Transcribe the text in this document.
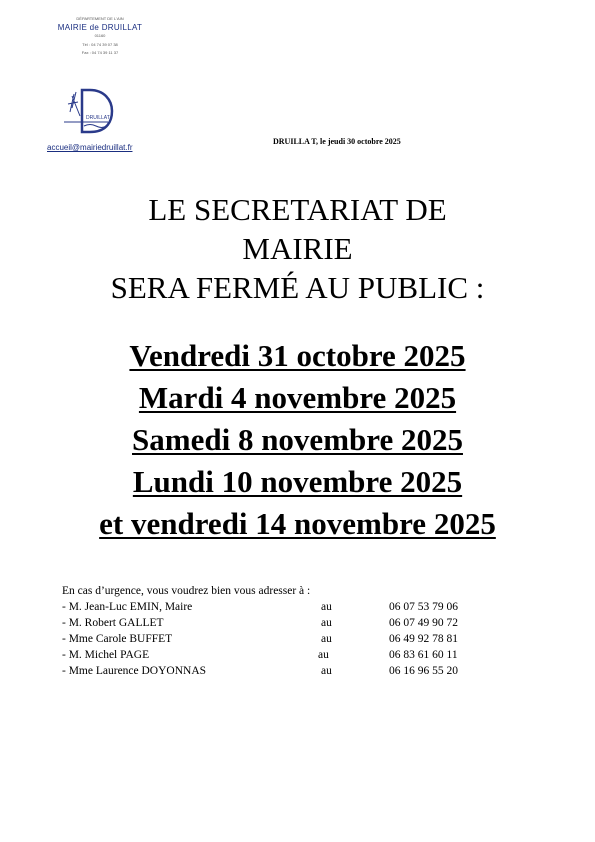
DÉPARTEMENT DE L'AIN
MAIRIE de DRUILLAT
01160
Tél : 04 74 39 07 38
Fax : 04 74 39 11 37
DRUILLAT
accueil@mairiedruillat.fr
DRUILLA T, le jeudi 30 octobre 2025
LE SECRETARIAT DE
MAIRIE
SERA FERMÉ AU PUBLIC :
Vendredi 31 octobre 2025
Mardi 4 novembre 2025
Samedi 8 novembre 2025
Lundi 10 novembre 2025
et vendredi 14 novembre 2025
En cas d’urgence, vous voudrez bien vous adresser à :
- M. Jean-Luc EMIN, Maire	au	06 07 53 79 06
- M. Robert GALLET	au	06 07 49 90 72
- Mme Carole BUFFET	au	06 49 92 78 81
- M. Michel PAGE	au	06 83 61 60 11
- Mme Laurence DOYONNAS	au	06 16 96 55 20
